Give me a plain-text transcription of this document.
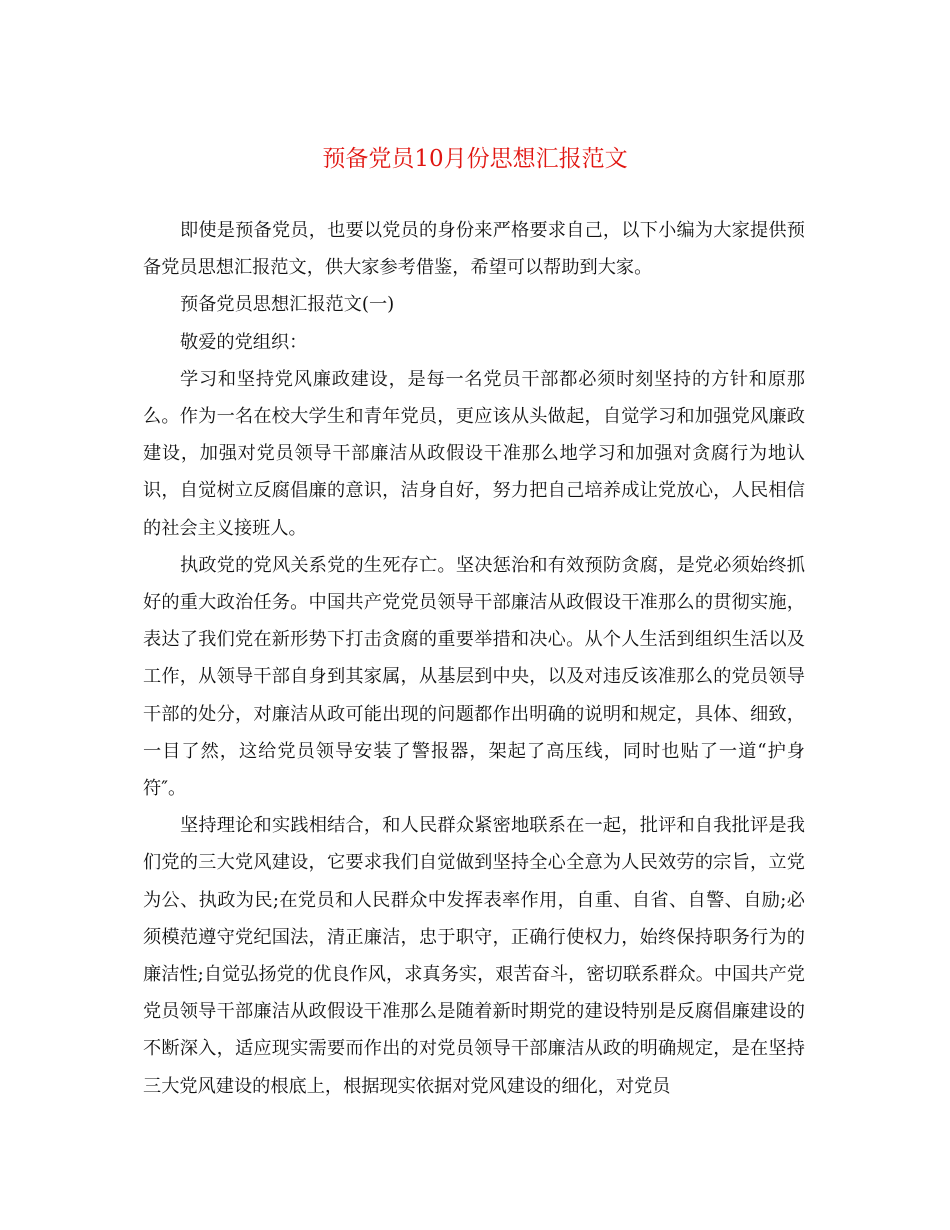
预备党员10月份思想汇报范文

即使是预备党员，也要以党员的身份来严格要求自己，以下小编为大家提供预备党员思想汇报范文，供大家参考借鉴，希望可以帮助到大家。

预备党员思想汇报范文(一)

敬爱的党组织：

学习和坚持党风廉政建设，是每一名党员干部都必须时刻坚持的方针和原那么。作为一名在校大学生和青年党员，更应该从头做起，自觉学习和加强党风廉政建设，加强对党员领导干部廉洁从政假设干准那么地学习和加强对贪腐行为地认识，自觉树立反腐倡廉的意识，洁身自好，努力把自己培养成让党放心，人民相信的社会主义接班人。

执政党的党风关系党的生死存亡。坚决惩治和有效预防贪腐，是党必须始终抓好的重大政治任务。中国共产党党员领导干部廉洁从政假设干准那么的贯彻实施，表达了我们党在新形势下打击贪腐的重要举措和决心。从个人生活到组织生活以及工作，从领导干部自身到其家属，从基层到中央，以及对违反该准那么的党员领导干部的处分，对廉洁从政可能出现的问题都作出明确的说明和规定，具体、细致，一目了然，这给党员领导安装了警报器，架起了高压线，同时也贴了一道“护身符″。

坚持理论和实践相结合，和人民群众紧密地联系在一起，批评和自我批评是我们党的三大党风建设，它要求我们自觉做到坚持全心全意为人民效劳的宗旨，立党为公、执政为民;在党员和人民群众中发挥表率作用，自重、自省、自警、自励;必须模范遵守党纪国法，清正廉洁，忠于职守，正确行使权力，始终保持职务行为的廉洁性;自觉弘扬党的优良作风，求真务实，艰苦奋斗，密切联系群众。中国共产党党员领导干部廉洁从政假设干准那么是随着新时期党的建设特别是反腐倡廉建设的不断深入，适应现实需要而作出的对党员领导干部廉洁从政的明确规定，是在坚持三大党风建设的根底上，根据现实依据对党风建设的细化，对党员
